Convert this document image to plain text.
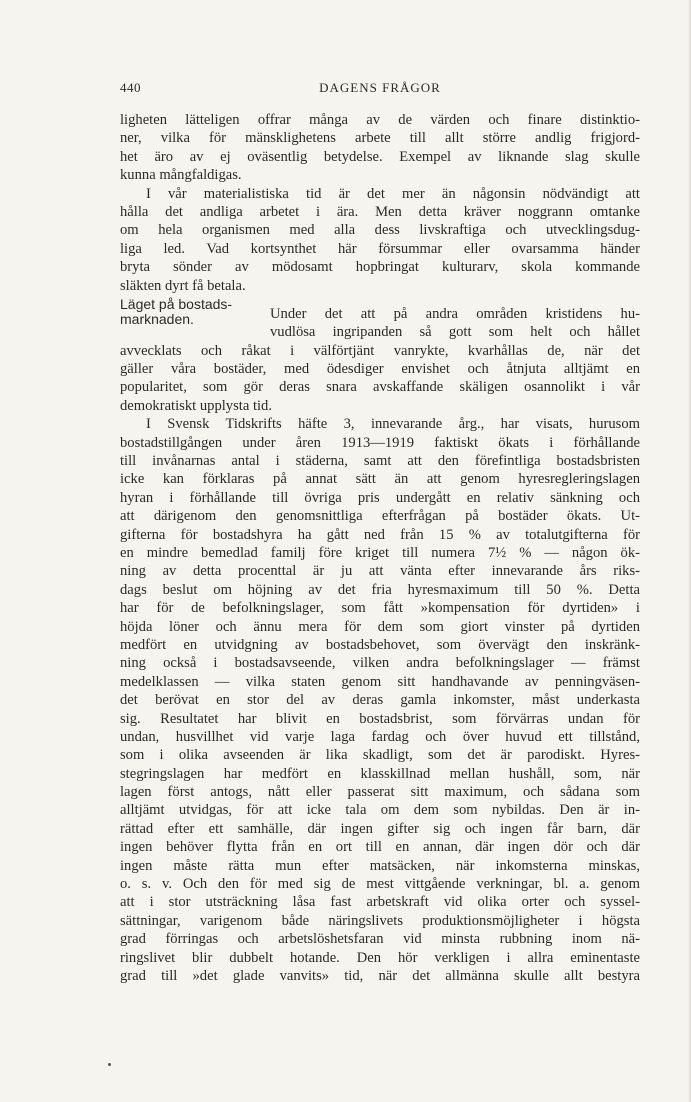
440	DAGENS FRÅGOR
ligheten lätteligen offrar många av de värden och finare distinktio-
ner, vilka för mänsklighetens arbete till allt större andlig frigjord-
het äro av ej oväsentlig betydelse. Exempel av liknande slag skulle
kunna mångfaldigas.
I vår materialistiska tid är det mer än någonsin nödvändigt att
hålla det andliga arbetet i ära. Men detta kräver noggrann omtanke
om hela organismen med alla dess livskraftiga och utvecklingsdug-
liga led. Vad kortsynthet här försummar eller ovarsamma händer
bryta sönder av mödosamt hopbringat kulturarv, skola kommande
släkten dyrt få betala.
Läget på bostads-
marknaden.	Under det att på andra områden kristidens hu-
vudlösa ingripanden så gott som helt och hållet
avvecklats och råkat i välförtjänt vanrykte, kvarhållas de, när det
gäller våra bostäder, med ödesdiger envishet och åtnjuta alltjämt en
popularitet, som gör deras snara avskaffande skäligen osannolikt i vår
demokratiskt upplysta tid.
I Svensk Tidskrifts häfte 3, innevarande årg., har visats, hurusom
bostadstillgången under åren 1913—1919 faktiskt ökats i förhållande
till invånarnas antal i städerna, samt att den förefintliga bostadsbristen
icke kan förklaras på annat sätt än att genom hyresregleringslagen
hyran i förhållande till övriga pris undergått en relativ sänkning och
att därigenom den genomsnittliga efterfrågan på bostäder ökats. Ut-
gifterna för bostadshyra ha gått ned från 15 % av totalutgifterna för
en mindre bemedlad familj före kriget till numera 7½ % — någon ök-
ning av detta procenttal är ju att vänta efter innevarande års riks-
dags beslut om höjning av det fria hyresmaximum till 50 %. Detta
har för de befolkningslager, som fått »kompensation för dyrtiden» i
höjda löner och ännu mera för dem som giort vinster på dyrtiden
medfört en utvidgning av bostadsbehovet, som övervägt den inskränk-
ning också i bostadsavseende, vilken andra befolkningslager — främst
medelklassen — vilka staten genom sitt handhavande av penningväsen-
det berövat en stor del av deras gamla inkomster, måst underkasta
sig. Resultatet har blivit en bostadsbrist, som förvärras undan för
undan, husvillhet vid varje laga fardag och över huvud ett tillstånd,
som i olika avseenden är lika skadligt, som det är parodiskt. Hyres-
stegringslagen har medfört en klasskillnad mellan hushåll, som, när
lagen först antogs, nått eller passerat sitt maximum, och sådana som
alltjämt utvidgas, för att icke tala om dem som nybildas. Den är in-
rättad efter ett samhälle, där ingen gifter sig och ingen får barn, där
ingen behöver flytta från en ort till en annan, där ingen dör och där
ingen måste rätta mun efter matsäcken, när inkomsterna minskas,
o. s. v. Och den för med sig de mest vittgående verkningar, bl. a. genom
att i stor utsträckning låsa fast arbetskraft vid olika orter och syssel-
sättningar, varigenom både näringslivets produktionsmöjligheter i högsta
grad förringas och arbetslöshetsfaran vid minsta rubbning inom nä-
ringslivet blir dubbelt hotande. Den hör verkligen i allra eminentaste
grad till »det glade vanvits» tid, när det allmänna skulle allt bestyra
